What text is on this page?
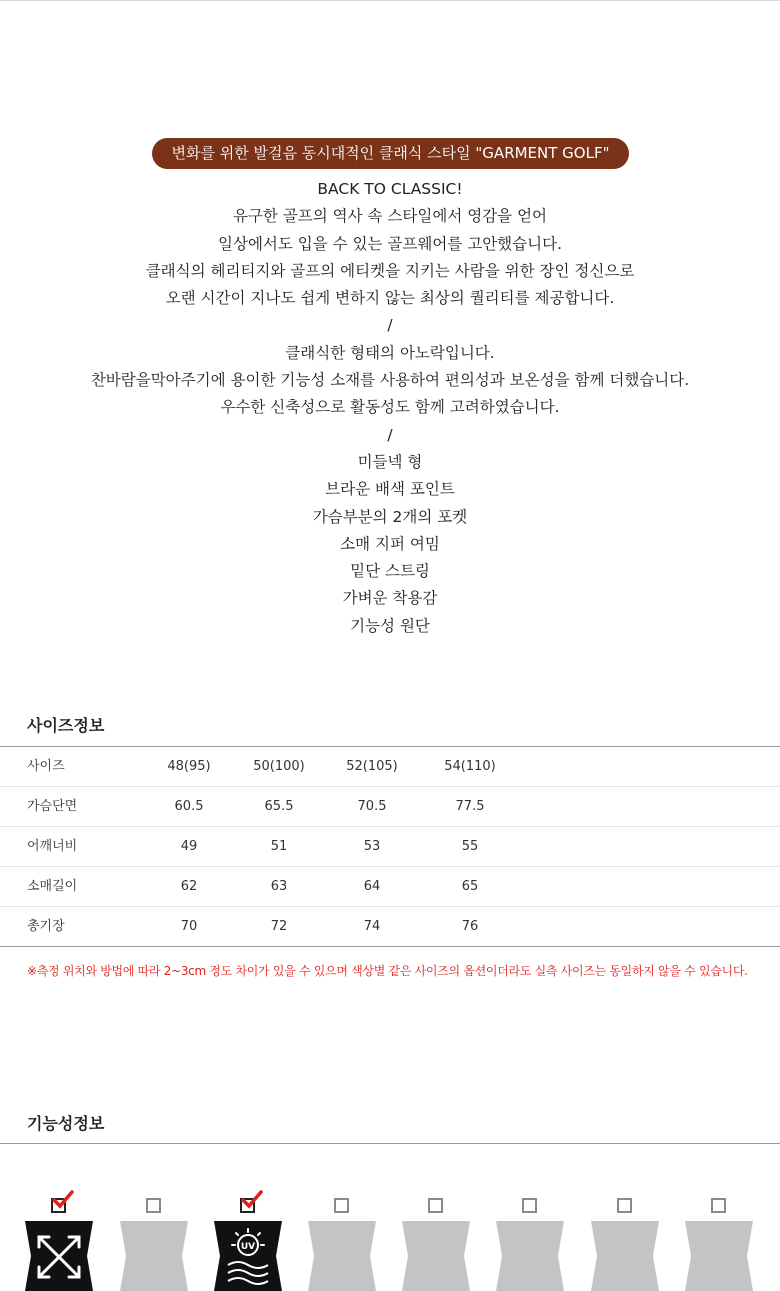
변화를 위한 발걸음 동시대적인 클래식 스타일 "GARMENT GOLF"
BACK TO CLASSIC!
유구한 골프의 역사 속 스타일에서 영감을 얻어
일상에서도 입을 수 있는 골프웨어를 고안했습니다.
클래식의 헤리티지와 골프의 에티켓을 지키는 사람을 위한 장인 정신으로
오랜 시간이 지나도 쉽게 변하지 않는 최상의 퀄리티를 제공합니다.
/
클래식한 형태의 아노락입니다.
찬바람을막아주기에 용이한 기능성 소재를 사용하여 편의성과 보온성을 함께 더했습니다.
우수한 신축성으로 활동성도 함께 고려하였습니다.
/
미들넥 형
브라운 배색 포인트
가슴부분의 2개의 포켓
소매 지퍼 여밈
밑단 스트링
가벼운 착용감
기능성 원단
사이즈정보
사이즈	48(95)	50(100)	52(105)	54(110)
가슴단면	60.5	65.5	70.5	77.5
어깨너비	49	51	53	55
소매길이	62	63	64	65
총기장	70	72	74	76
※측정 위치와 방법에 따라 2~3cm 정도 차이가 있을 수 있으며 색상별 같은 사이즈의 옵션이더라도 실측 사이즈는 동일하지 않을 수 있습니다.
기능성정보
UV
